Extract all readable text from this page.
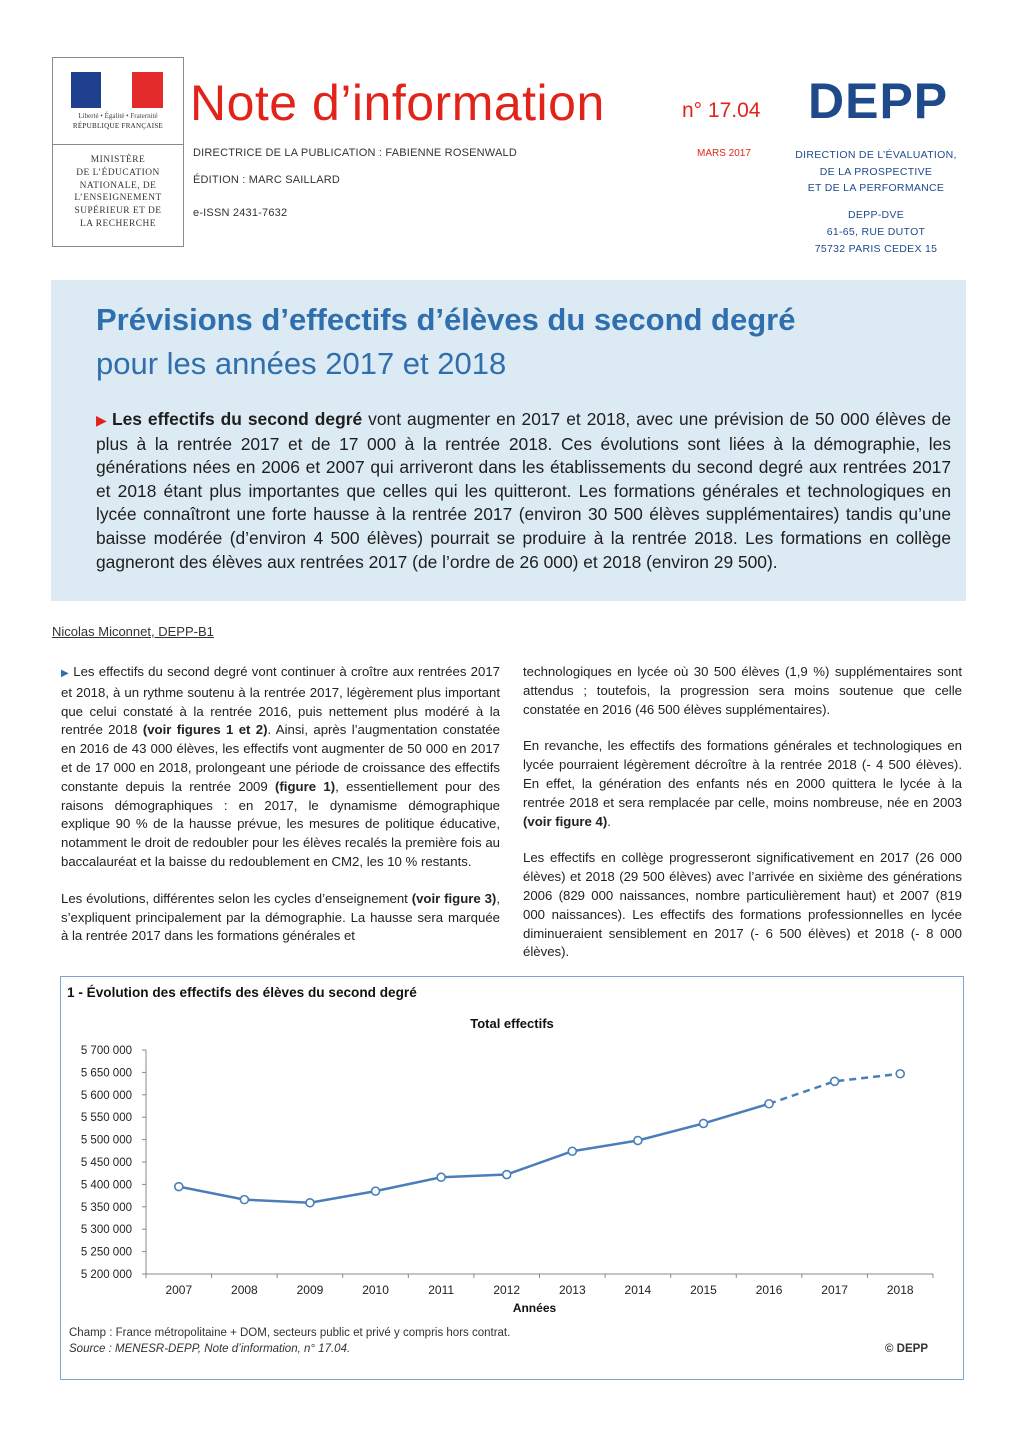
Liberté • Égalité • Fraternité
RÉPUBLIQUE FRANÇAISE
MINISTÈRE
DE L’ÉDUCATION
NATIONALE, DE
L’ENSEIGNEMENT
SUPÉRIEUR ET DE
LA RECHERCHE
Note d’information	n° 17.04 DEPP
DIRECTRICE DE LA PUBLICATION : FABIENNE ROSENWALD
ÉDITION : MARC SAILLARD
e-ISSN 2431-7632
MARS 2017	DIRECTION DE L’ÉVALUATION,
DE LA PROSPECTIVE
ET DE LA PERFORMANCE
DEPP-DVE
61-65, RUE DUTOT
75732 PARIS CEDEX 15
Prévisions d’effectifs d’élèves du second degré
pour les années 2017 et 2018
▶ Les effectifs du second degré vont augmenter en 2017 et 2018, avec une prévision de 50 000 élèves de plus à la rentrée 2017 et de 17 000 à la rentrée 2018. Ces évolutions sont liées à la démographie, les générations nées en 2006 et 2007 qui arriveront dans les établissements du second degré aux rentrées 2017 et 2018 étant plus importantes que celles qui les quitteront. Les formations générales et technologiques en lycée connaîtront une forte hausse à la rentrée 2017 (environ 30 500 élèves supplémentaires) tandis qu’une baisse modérée (d’environ 4 500 élèves) pourrait se produire à la rentrée 2018. Les formations en collège gagneront des élèves aux rentrées 2017 (de l’ordre de 26 000) et 2018 (environ 29 500).
Nicolas Miconnet, DEPP-B1

▶ Les effectifs du second degré vont continuer à croître aux rentrées 2017 et 2018, à un rythme soutenu à la rentrée 2017, légèrement plus important que celui constaté à la rentrée 2016, puis nettement plus modéré à la rentrée 2018 (voir figures 1 et 2). Ainsi, après l’augmentation constatée en 2016 de 43 000 élèves, les effectifs vont augmenter de 50 000 en 2017 et de 17 000 en 2018, prolongeant une période de croissance des effectifs constante depuis la rentrée 2009 (figure 1), essentiellement pour des raisons démographiques : en 2017, le dynamisme démographique explique 90 % de la hausse prévue, les mesures de politique éducative, notamment le droit de redoubler pour les élèves recalés la première fois au baccalauréat et la baisse du redoublement en CM2, les 10 % restants.

Les évolutions, différentes selon les cycles d’enseignement (voir figure 3), s’expliquent principalement par la démographie. La hausse sera marquée à la rentrée 2017 dans les formations générales et

technologiques en lycée où 30 500 élèves (1,9 %) supplémentaires sont attendus ; toutefois, la progression sera moins soutenue que celle constatée en 2016 (46 500 élèves supplémentaires).

En revanche, les effectifs des formations générales et technologiques en lycée pourraient légèrement décroître à la rentrée 2018 (- 4 500 élèves). En effet, la génération des enfants nés en 2000 quittera le lycée à la rentrée 2018 et sera remplacée par celle, moins nombreuse, née en 2003 (voir figure 4).

Les effectifs en collège progresseront significativement en 2017 (26 000 élèves) et 2018 (29 500 élèves) avec l’arrivée en sixième des générations 2006 (829 000 naissances, nombre particulièrement haut) et 2007 (819 000 naissances). Les effectifs des formations professionnelles en lycée diminueraient sensiblement en 2017 (- 6 500 élèves) et 2018 (- 8 000 élèves).

1 - Évolution des effectifs des élèves du second degré
Total effectifs
5 200 000
5 250 000
5 300 000
5 350 000
5 400 000
5 450 000
5 500 000
5 550 000
5 600 000
5 650 000
5 700 000
2007	2008	2009	2010	2011	2012	2013	2014	2015	2016	2017	2018
Années
Champ : France métropolitaine + DOM, secteurs public et privé y compris hors contrat.
Source : MENESR-DEPP, Note d’information, n° 17.04.	© DEPP
